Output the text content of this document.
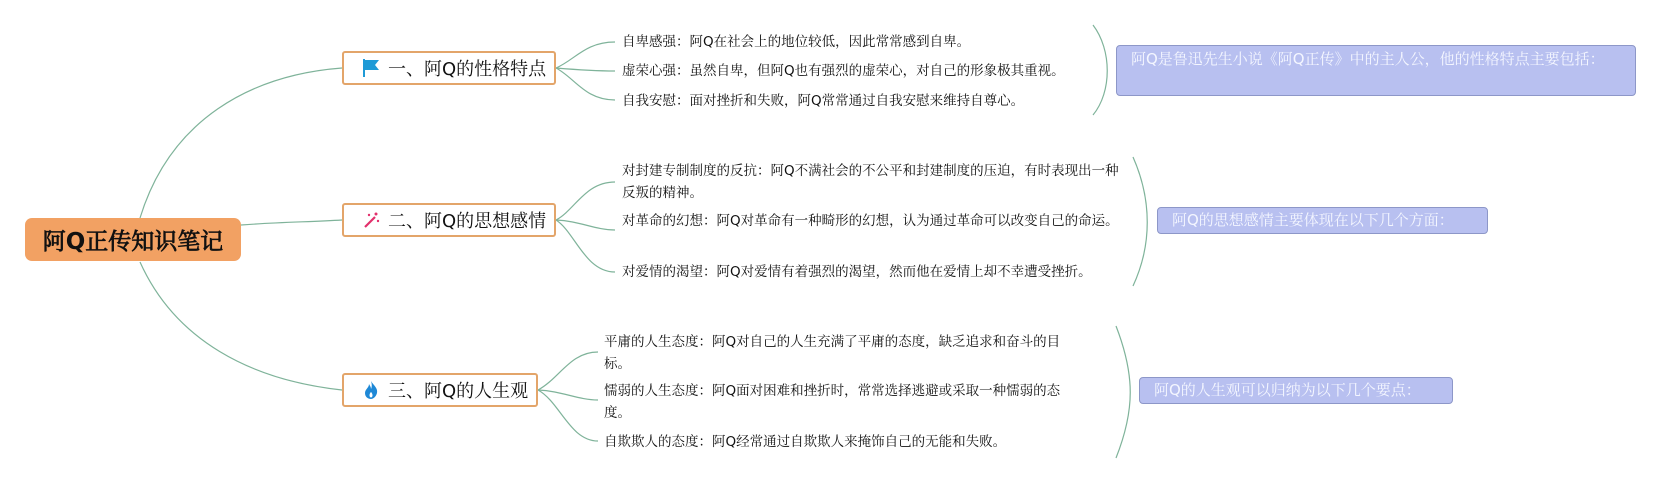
阿Q正传知识笔记
一、阿Q的性格特点
自卑感强：阿Q在社会上的地位较低，因此常常感到自卑。
虚荣心强：虽然自卑，但阿Q也有强烈的虚荣心，对自己的形象极其重视。
自我安慰：面对挫折和失败，阿Q常常通过自我安慰来维持自尊心。
阿Q是鲁迅先生小说《阿Q正传》中的主人公，他的性格特点主要包括：
二、阿Q的思想感情
对封建专制制度的反抗：阿Q不满社会的不公平和封建制度的压迫，有时表现出一种反叛的精神。
对革命的幻想：阿Q对革命有一种畸形的幻想，认为通过革命可以改变自己的命运。
对爱情的渴望：阿Q对爱情有着强烈的渴望，然而他在爱情上却不幸遭受挫折。
阿Q的思想感情主要体现在以下几个方面：
三、阿Q的人生观
平庸的人生态度：阿Q对自己的人生充满了平庸的态度，缺乏追求和奋斗的目标。
懦弱的人生态度：阿Q面对困难和挫折时，常常选择逃避或采取一种懦弱的态度。
自欺欺人的态度：阿Q经常通过自欺欺人来掩饰自己的无能和失败。
阿Q的人生观可以归纳为以下几个要点：
